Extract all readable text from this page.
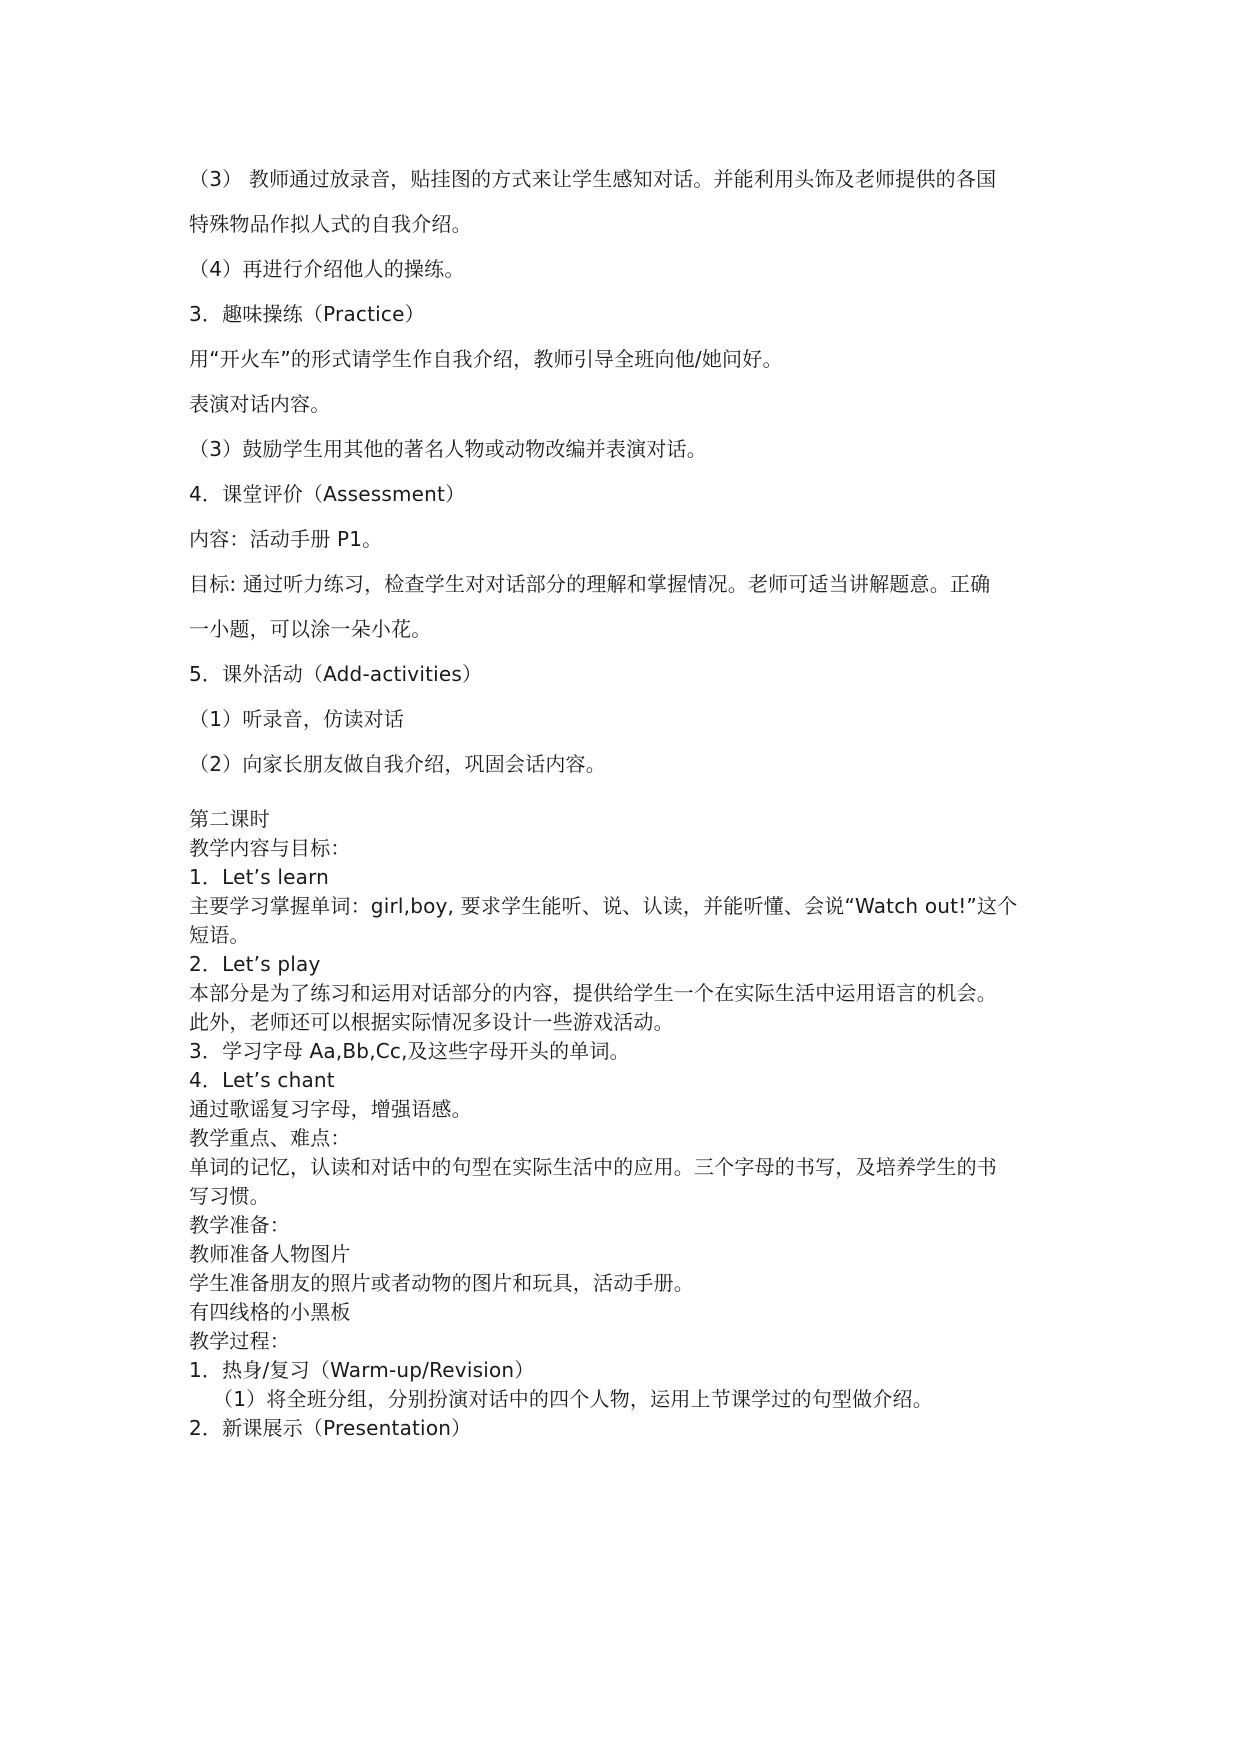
（3） 教师通过放录音，贴挂图的方式来让学生感知对话。并能利用头饰及老师提供的各国
特殊物品作拟人式的自我介绍。
（4）再进行介绍他人的操练。
3．趣味操练（Practice）
用“开火车”的形式请学生作自我介绍，教师引导全班向他/她问好。
表演对话内容。
（3）鼓励学生用其他的著名人物或动物改编并表演对话。
4．课堂评价（Assessment）
内容：活动手册 P1。
目标: 通过听力练习，检查学生对对话部分的理解和掌握情况。老师可适当讲解题意。正确
一小题，可以涂一朵小花。
5．课外活动（Add-activities）
（1）听录音，仿读对话
（2）向家长朋友做自我介绍，巩固会话内容。
第二课时
教学内容与目标：
1．Let’s learn
主要学习掌握单词：girl,boy, 要求学生能听、说、认读，并能听懂、会说“Watch out!”这个
短语。
2．Let’s play
本部分是为了练习和运用对话部分的内容，提供给学生一个在实际生活中运用语言的机会。
此外，老师还可以根据实际情况多设计一些游戏活动。
3．学习字母 Aa,Bb,Cc,及这些字母开头的单词。
4．Let’s chant
通过歌谣复习字母，增强语感。
教学重点、难点：
单词的记忆，认读和对话中的句型在实际生活中的应用。三个字母的书写，及培养学生的书
写习惯。
教学准备：
教师准备人物图片
学生准备朋友的照片或者动物的图片和玩具，活动手册。
有四线格的小黑板
教学过程：
1．热身/复习（Warm-up/Revision）
（1）将全班分组，分别扮演对话中的四个人物，运用上节课学过的句型做介绍。
2．新课展示（Presentation）
